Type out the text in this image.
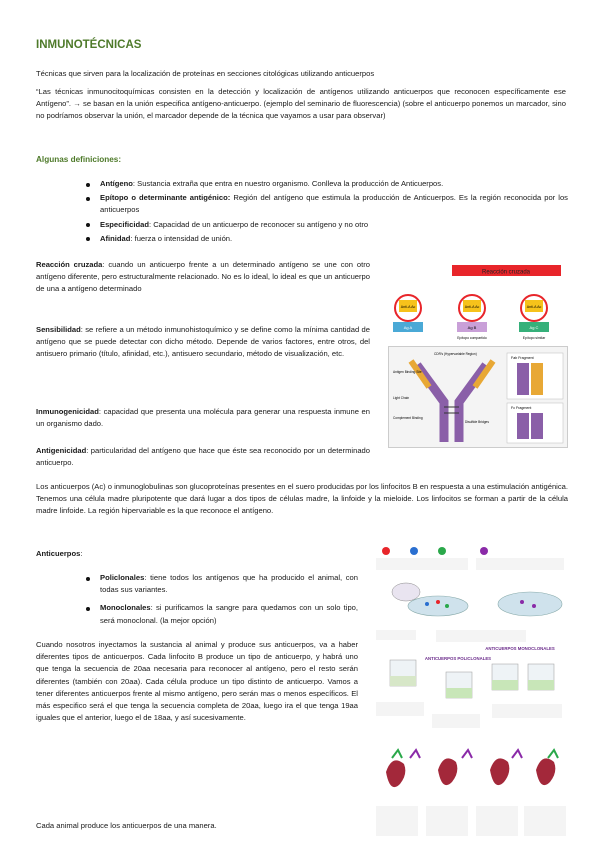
INMUNOTÉCNICAS
Técnicas que sirven para la localización de proteínas en secciones citológicas utilizando anticuerpos
“Las técnicas inmunocitoquímicas consisten en la detección y localización de antígenos utilizando anticuerpos que reconocen específicamente ese Antígeno”. → se basan en la unión especifica antígeno-anticuerpo. (ejemplo del seminario de fluorescencia) (sobre el anticuerpo ponemos un marcador, sino no podríamos observar la unión, el marcador depende de la técnica que vayamos a usar para observar)
Algunas definiciones:
Antígeno: Sustancia extraña que entra en nuestro organismo. Conlleva la producción de Anticuerpos.
Epítopo o determinante antigénico: Región del antígeno que estimula la producción de Anticuerpos. Es la región reconocida por los anticuerpos
Especificidad: Capacidad de un anticuerpo de reconocer su antígeno y no otro
Afinidad: fuerza o intensidad de unión.
Reacción cruzada: cuando un anticuerpo frente a un determinado antígeno se une con otro antígeno diferente, pero estructuralmente relacionado. No es lo ideal, lo ideal es que un anticuerpo de una a antígeno determinado
Sensibilidad: se refiere a un método inmunohistoquímico y se define como la mínima cantidad de antígeno que se puede detectar con dicho método. Depende de varios factores, entre otros, del antisuero primario (título, afinidad, etc.), antisuero secundario, método de visualización, etc.
Inmunogenicidad: capacidad que presenta una molécula para generar una respuesta inmune en un organismo dado.
Antigenicidad: particularidad del antígeno que hace que éste sea reconocido por un determinado anticuerpo.
Reacción cruzada
Anti-A Ac
Ag A
Anti-A Ac
Ag B
Epítopo compartido
Anti-A Ac
Ag C
Epítopo similar
CDR's (Hypervariable Region)
Antigen Binding Site
Light Chain
Complement Binding
Disulfide Bridges
Fab Fragment
Fc Fragment
Los anticuerpos (Ac) o inmunoglobulinas son glucoproteínas presentes en el suero producidas por los linfocitos B en respuesta a una estimulación antigénica. Tenemos una célula madre pluripotente que dará lugar a dos tipos de células madre, la linfoide y la mieloide. Los linfocitos se forman a partir de la célula madre linfoide. La región hipervariable es la que reconoce el antígeno.
Anticuerpos:
Policlonales: tiene todos los antígenos que ha producido el animal, con todas sus variantes.
Monoclonales: si purificamos la sangre para quedamos con un solo tipo, será monoclonal. (la mejor opción)
Cuando nosotros inyectamos la sustancia al animal y produce sus anticuerpos, va a haber diferentes tipos de anticuerpos. Cada linfocito B produce un tipo de anticuerpo, y habrá uno que tenga la secuencia de 20aa necesaria para reconocer al antígeno, pero el resto serán diferentes (también con 20aa). Cada célula produce un tipo distinto de anticuerpo. Vamos a tener diferentes anticuerpos frente al mismo antígeno, pero serán mas o menos específicos. El más especifico será el que tenga la secuencia completa de 20aa, luego ira el que tenga 19aa iguales que el anterior, luego el de 18aa, y así sucesivamente.
Cada animal produce los anticuerpos de una manera.
ANTICUERPOS POLICLONALES
ANTICUERPOS MONOCLONALES
